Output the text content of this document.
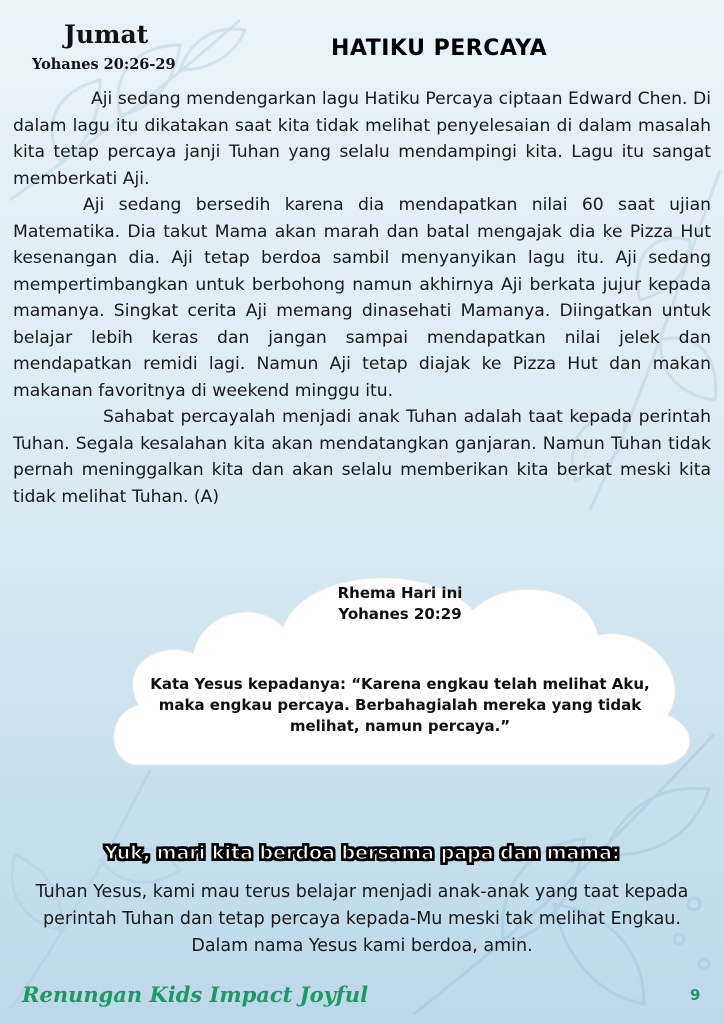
Jumat
Yohanes 20:26-29
HATIKU PERCAYA

Aji sedang mendengarkan lagu Hatiku Percaya ciptaan Edward Chen. Di dalam lagu itu dikatakan saat kita tidak melihat penyelesaian di dalam masalah kita tetap percaya janji Tuhan yang selalu mendampingi kita. Lagu itu sangat memberkati Aji.

Aji sedang bersedih karena dia mendapatkan nilai 60 saat ujian Matematika. Dia takut Mama akan marah dan batal mengajak dia ke Pizza Hut kesenangan dia. Aji tetap berdoa sambil menyanyikan lagu itu. Aji sedang mempertimbangkan untuk berbohong namun akhirnya Aji berkata jujur kepada mamanya. Singkat cerita Aji memang dinasehati Mamanya. Diingatkan untuk belajar lebih keras dan jangan sampai mendapatkan nilai jelek dan mendapatkan remidi lagi. Namun Aji tetap diajak ke Pizza Hut dan makan makanan favoritnya di weekend minggu itu.

Sahabat percayalah menjadi anak Tuhan adalah taat kepada perintah Tuhan. Segala kesalahan kita akan mendatangkan ganjaran. Namun Tuhan tidak pernah meninggalkan kita dan akan selalu memberikan kita berkat meski kita tidak melihat Tuhan. (A)

Rhema Hari ini
Yohanes 20:29
Kata Yesus kepadanya: “Karena engkau telah melihat Aku, maka engkau percaya. Berbahagialah mereka yang tidak melihat, namun percaya.”
Yuk, mari kita berdoa bersama papa dan mama:
Tuhan Yesus, kami mau terus belajar menjadi anak-anak yang taat kepada perintah Tuhan dan tetap percaya kepada-Mu meski tak melihat Engkau. Dalam nama Yesus kami berdoa, amin.
Renungan Kids Impact Joyful	9
